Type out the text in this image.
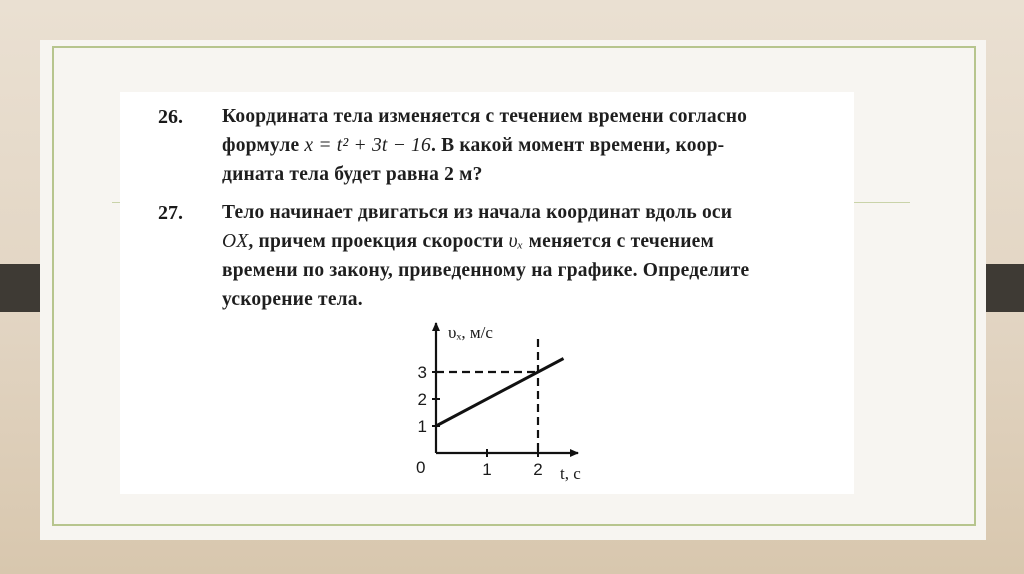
26. Координата тела изменяется с течением времени согласно
формуле x = t² + 3t − 16. В какой момент времени, коор-
дината тела будет равна 2 м?
27. Тело начинает двигаться из начала координат вдоль оси
OX, причем проекция скорости υₓ меняется с течением
времени по закону, приведенному на графике. Определите
ускорение тела.
1 2
1
2
3
υₓ, м/с
t, с
0
